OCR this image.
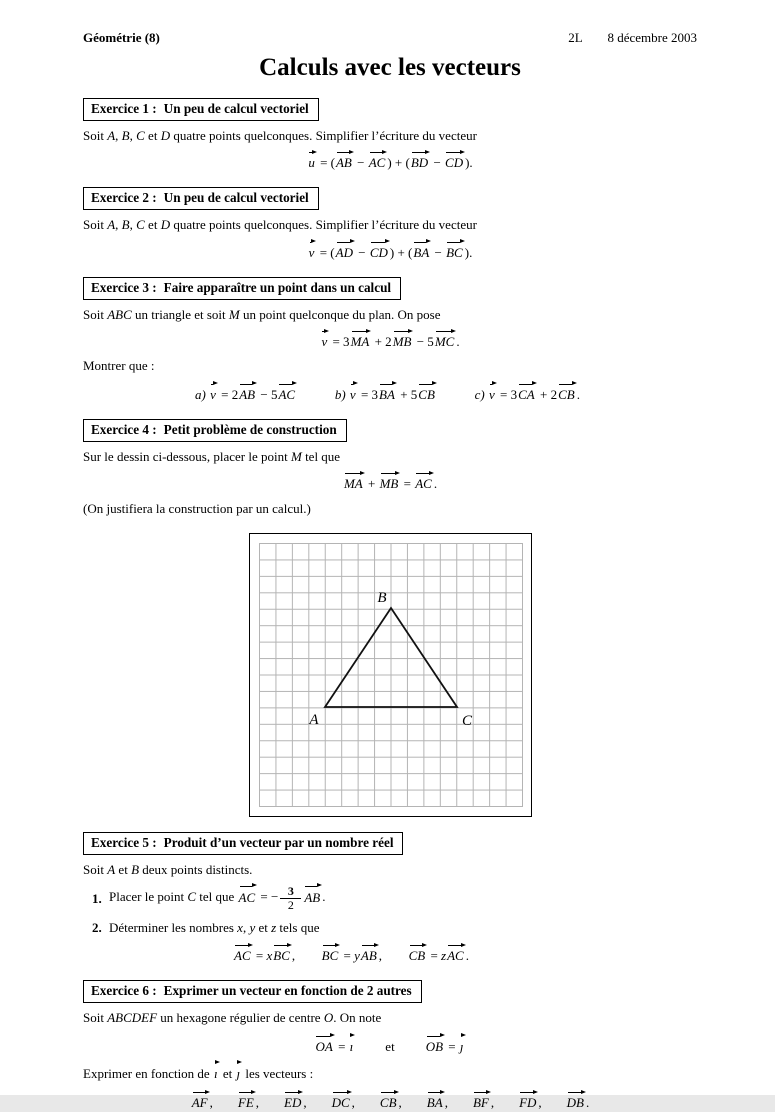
Géométrie (8)	2L 8 décembre 2003
Calculs avec les vecteurs
Exercice 1 : Un peu de calcul vectoriel

Soit A, B, C et D quatre points quelconques. Simplifier l’écriture du vecteur

u = (AB − AC ) + (BD − CD ).
Exercice 2 : Un peu de calcul vectoriel

Soit A, B, C et D quatre points quelconques. Simplifier l’écriture du vecteur

v = (AD − CD ) + (BA − BC ).
Exercice 3 : Faire apparaître un point dans un calcul

Soit ABC un triangle et soit M un point quelconque du plan. On pose

v = 3MA + 2MB − 5MC .

Montrer que :

a) v = 2AB − 5AC	b) v = 3BA + 5CB	c) v = 3CA + 2CB .
Exercice 4 : Petit problème de construction

Sur le dessin ci-dessous, placer le point M tel que

MA + MB = AC .

(On justifiera la construction par un calcul.)

A
B
C
Exercice 5 : Produit d’un vecteur par un nombre réel

Soit A et B deux points distincts.

1. Placer le point C tel que AC = − $\frac{3}{2}$ AB .
2. Déterminer les nombres x, y et z tels que
AC = xBC , BC = yAB , CB = zAC .
Exercice 6 : Exprimer un vecteur en fonction de 2 autres

Soit ABCDEF un hexagone régulier de centre O. On note

OA = ı et OB = ȷ

Exprimer en fonction de ı et ȷ les vecteurs :

AF , FE , ED , DC , CB , BA , BF , FD , DB .
